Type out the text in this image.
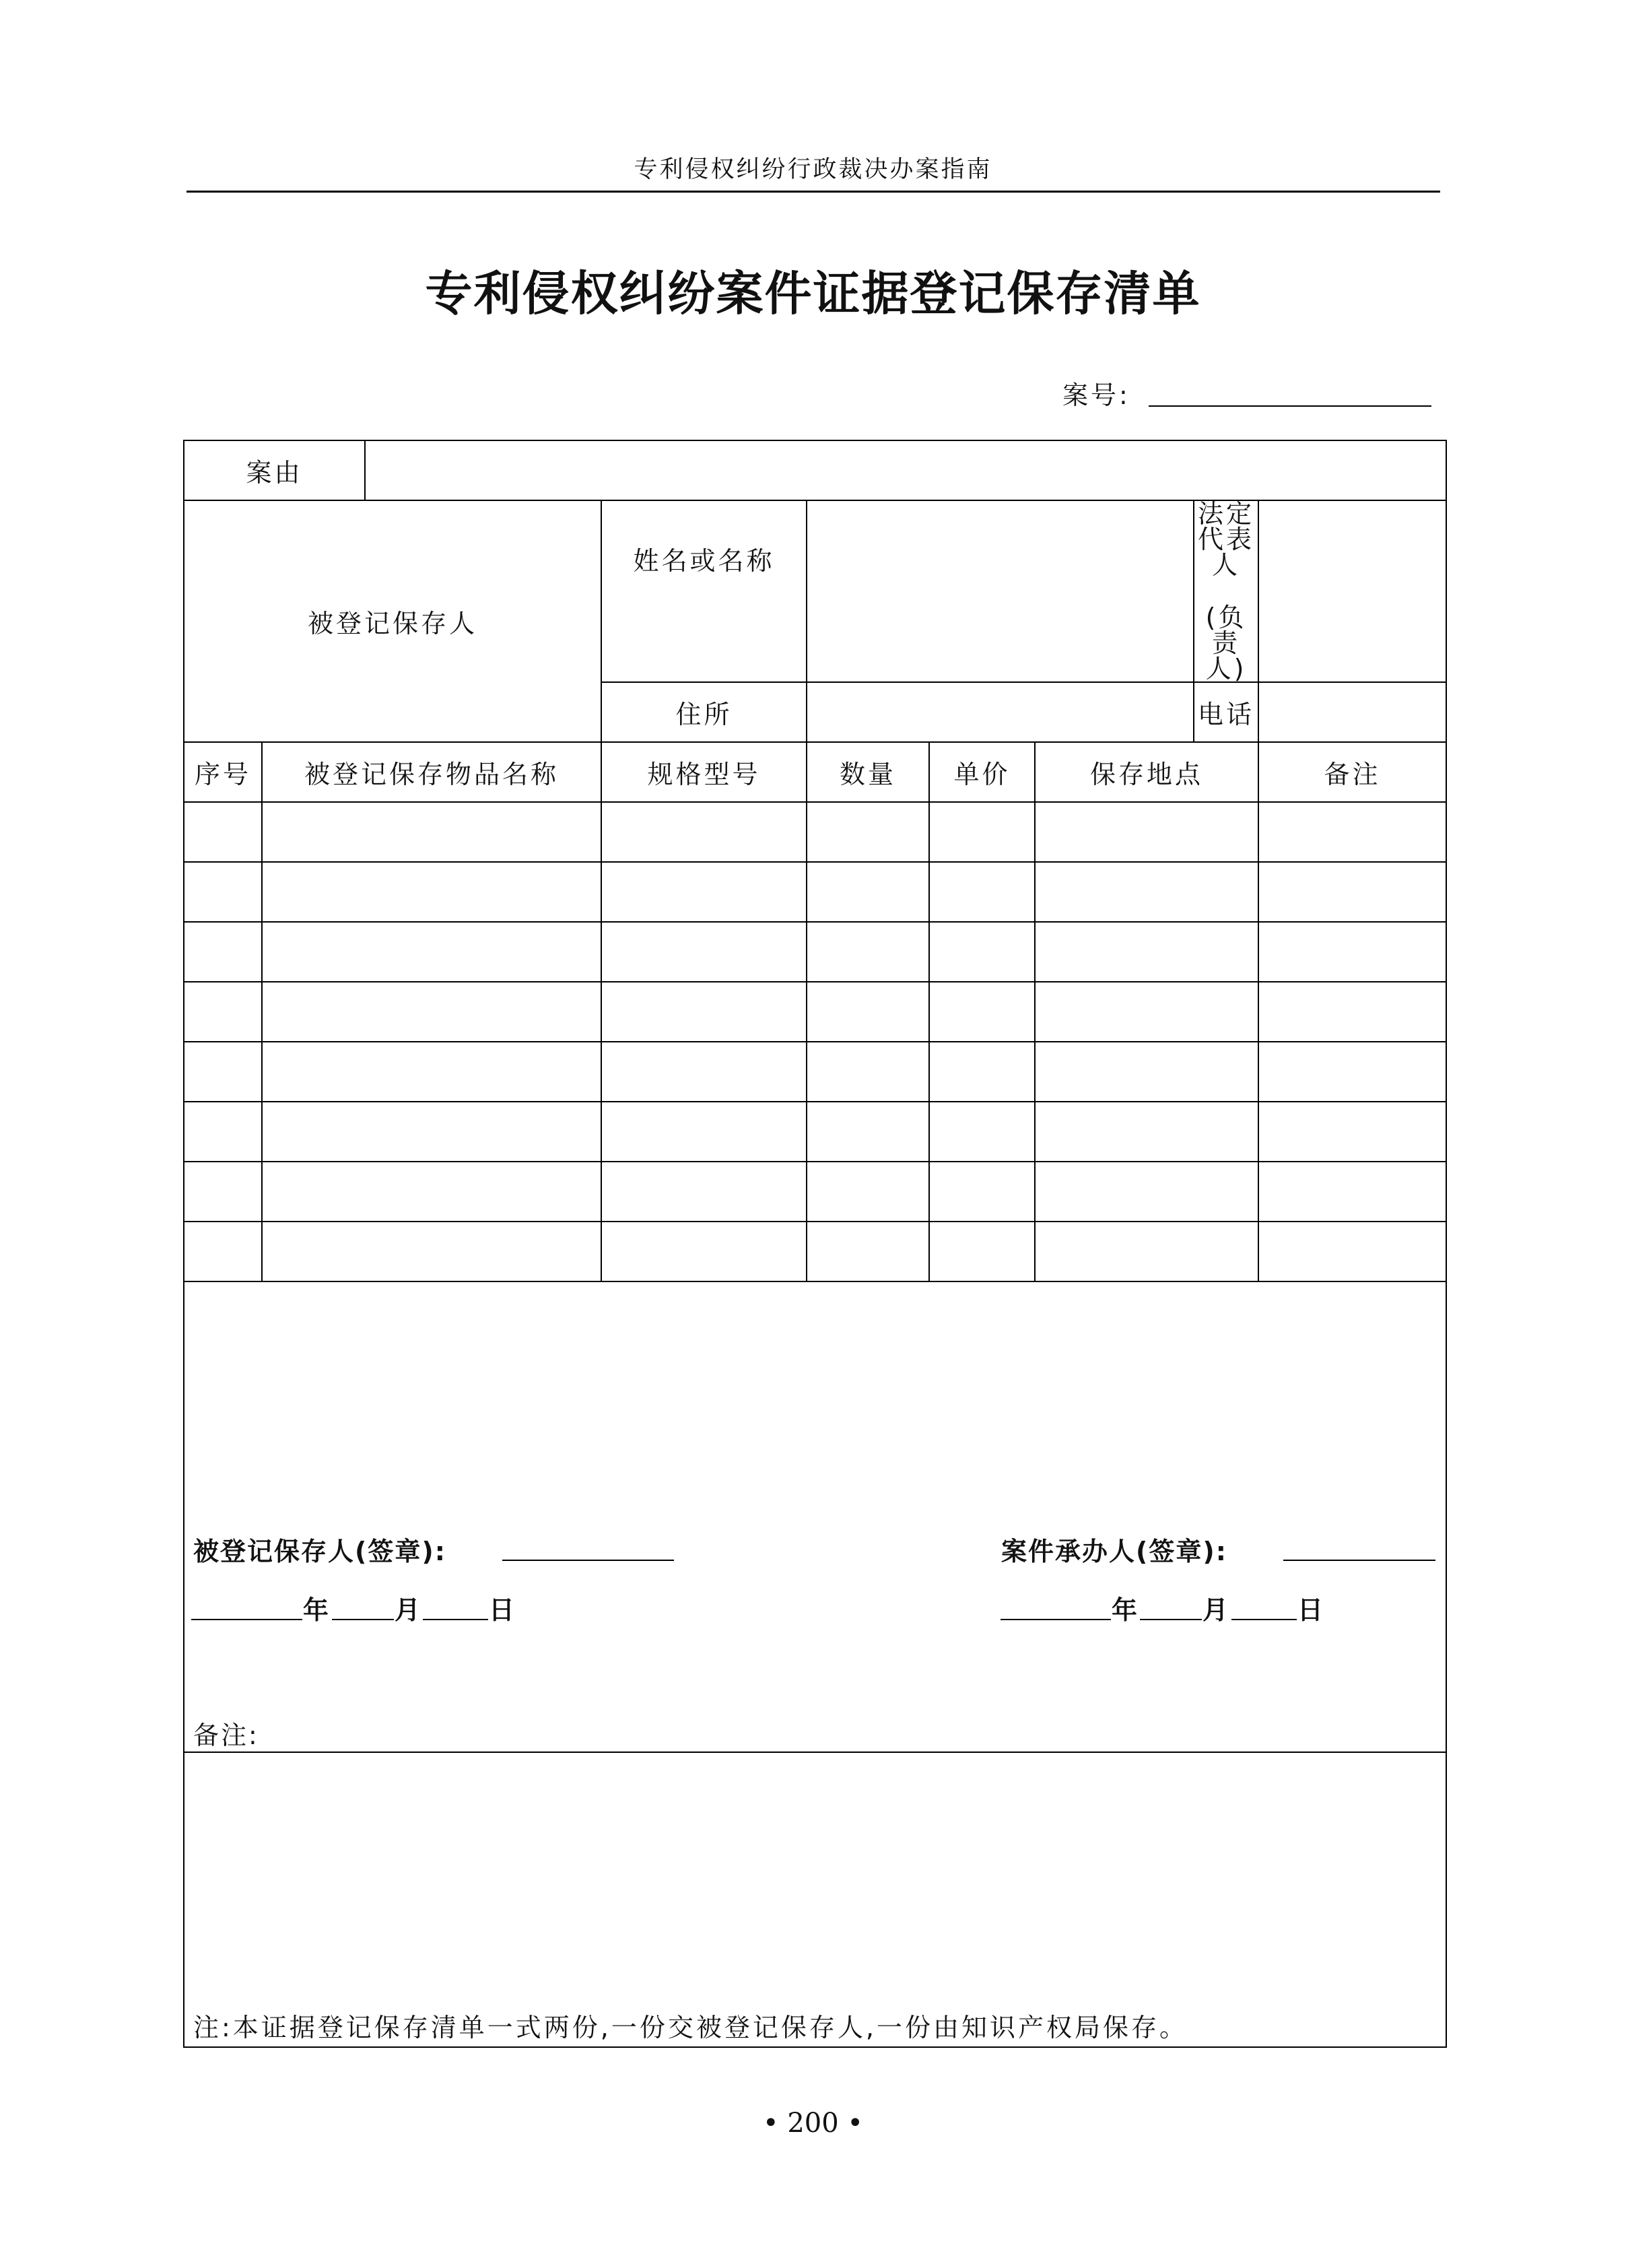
专利侵权纠纷行政裁决办案指南
专利侵权纠纷案件证据登记保存清单
案号:
案由								
被登记保存人			姓名或名称				法定代表人
(负责人)	

			住所				电话	
序号	被登记保存物品名称		规格型号	数量	单价	保存地点		备注

被登记保存人(签章):
年	月	日
案件承办人(签章):
年	月	日
备注:
注:本证据登记保存清单一式两份,一份交被登记保存人,一份由知识产权局保存。
• 200 •
